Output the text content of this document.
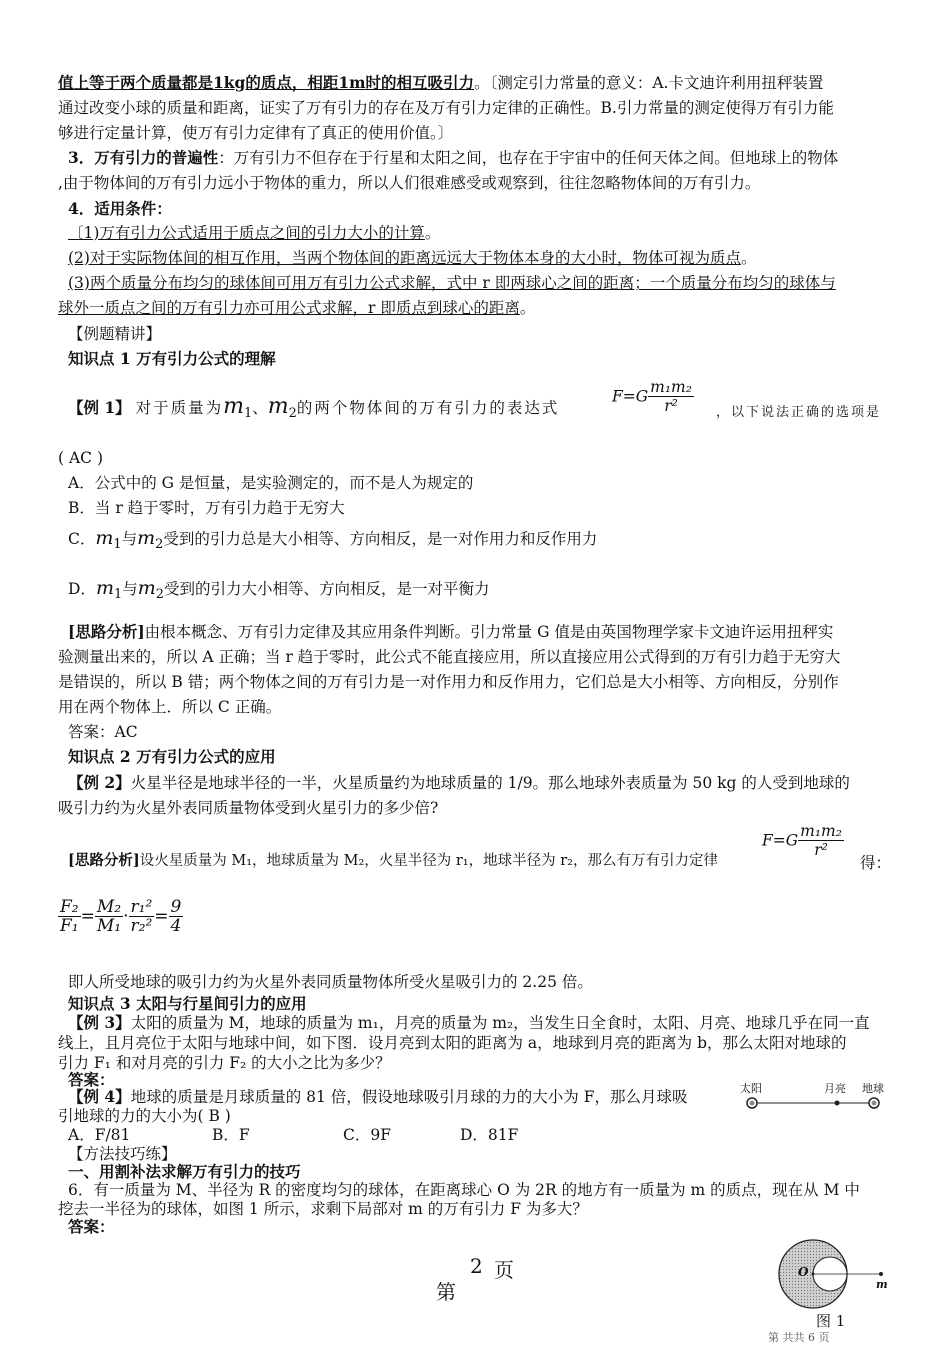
值上等于两个质量都是1kg的质点，相距1m时的相互吸引力。〔测定引力常量的意义：A.卡文迪许利用扭秤装置
通过改变小球的质量和距离，证实了万有引力的存在及万有引力定律的正确性。B.引力常量的测定使得万有引力能
够进行定量计算，使万有引力定律有了真正的使用价值。〕
3．万有引力的普遍性：万有引力不但存在于行星和太阳之间，也存在于宇宙中的任何天体之间。但地球上的物体
,由于物体间的万有引力远小于物体的重力，所以人们很难感受或观察到，往往忽略物体间的万有引力。
4．适用条件：
〔1)万有引力公式适用于质点之间的引力大小的计算。
(2)对于实际物体间的相互作用，当两个物体间的距离远远大于物体本身的大小时，物体可视为质点。
(3)两个质量分布均匀的球体间可用万有引力公式求解，式中 r 即两球心之间的距离；一个质量分布均匀的球体与
球外一质点之间的万有引力亦可用公式求解，r 即质点到球心的距离。
【例题精讲】
知识点 1 万有引力公式的理解
【例 1】 对于质量为$m_1$、$m_2$的两个物体间的万有引力的表达式
$F=G \frac{\text{m₁m₂}}{\text{r²}}$ ，以下说法正确的选项是
( AC )
A．公式中的 G 是恒量，是实验测定的，而不是人为规定的
B．当 r 趋于零时，万有引力趋于无穷大
C．$m_1$与$m_2$受到的引力总是大小相等、方向相反，是一对作用力和反作用力
D．$m_1$与$m_2$受到的引力大小相等、方向相反，是一对平衡力
[思路分析]由根本概念、万有引力定律及其应用条件判断。引力常量 G 值是由英国物理学家卡文迪许运用扭秤实
验测量出来的，所以 A 正确；当 r 趋于零时，此公式不能直接应用，所以直接应用公式得到的万有引力趋于无穷大
是错误的，所以 B 错；两个物体之间的万有引力是一对作用力和反作用力，它们总是大小相等、方向相反，分别作
用在两个物体上．所以 C 正确。
答案：AC
知识点 2 万有引力公式的应用
【例 2】火星半径是地球半径的一半，火星质量约为地球质量的 1/9。那么地球外表质量为 50 kg 的人受到地球的
吸引力约为火星外表同质量物体受到火星引力的多少倍?
[思路分析]设火星质量为 M₁，地球质量为 M₂，火星半径为 r₁，地球半径为 r₂，那么有万有引力定律
$F=G \frac{\text{m₁m₂}}{\text{r²}}$
得：
$\frac{\text{F₂}}{\text{F₁}} = \frac{\text{M₂}}{\text{M₁}} \cdot \frac{\text{r₁²}}{\text{r₂²}} = \frac{9}{4}$
即人所受地球的吸引力约为火星外表同质量物体所受火星吸引力的 2.25 倍。
知识点 3 太阳与行星间引力的应用
【例 3】太阳的质量为 M，地球的质量为 m₁，月亮的质量为 m₂，当发生日全食时，太阳、月亮、地球几乎在同一直
线上，且月亮位于太阳与地球中间，如下图．设月亮到太阳的距离为 a，地球到月亮的距离为 b，那么太阳对地球的
引力 F₁ 和对月亮的引力 F₂ 的大小之比为多少？
答案：
【例 4】地球的质量是月球质量的 81 倍，假设地球吸引月球的力的大小为 F，那么月球吸
引地球的力的大小为( B )
A．F/81	B．F	C．9F	D．81F
太阳	月亮 地球
【方法技巧练】
一、用割补法求解万有引力的技巧
6．有一质量为 M、半径为 R 的密度均匀的球体，在距离球心 O 为 2R 的地方有一质量为 m 的质点，现在从 M 中
挖去一半径为的球体，如图 1 所示，求剩下局部对 m 的万有引力 F 为多大？
答案：
2 页
第
O
m
图 1
第 共共 6 页
